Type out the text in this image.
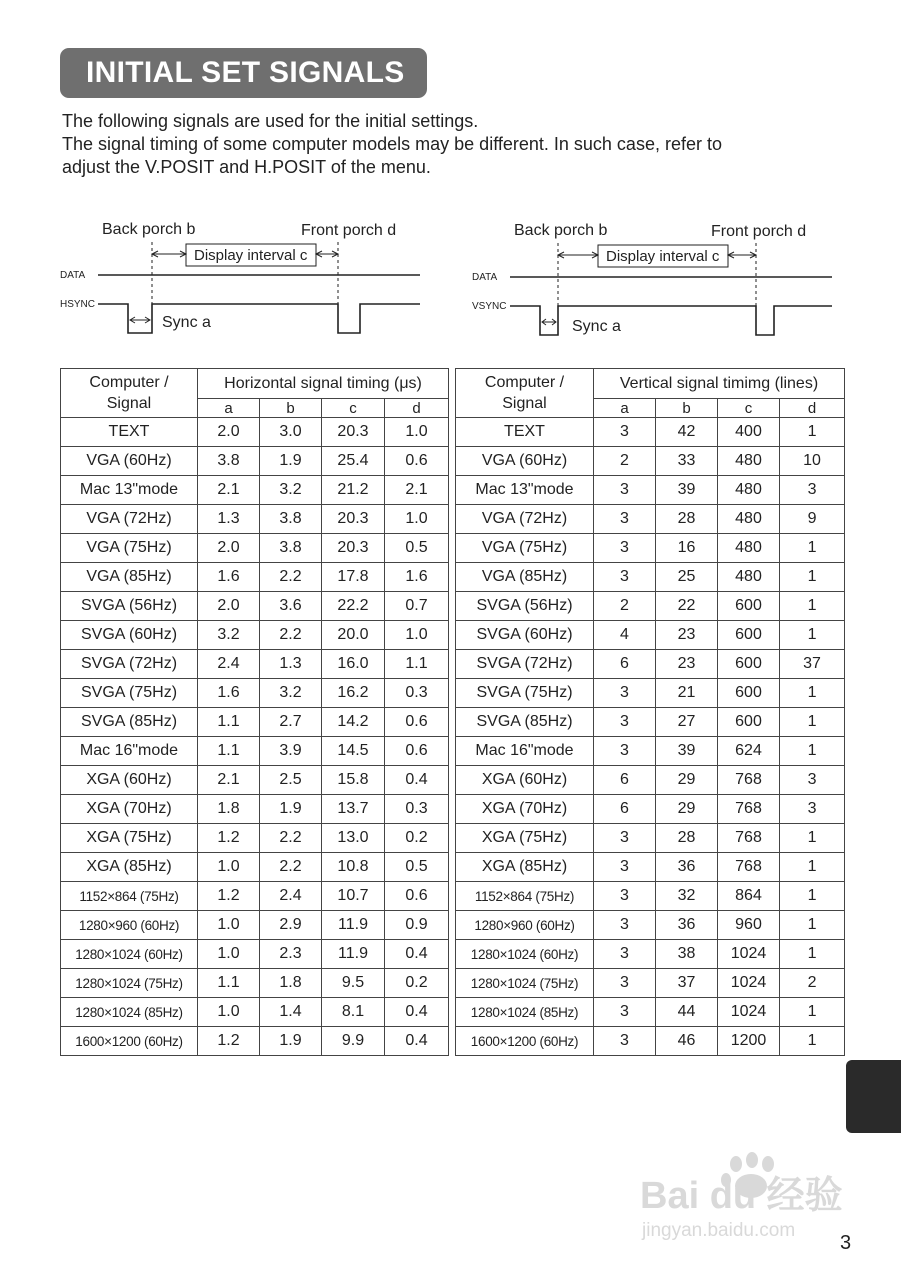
INITIAL SET SIGNALS

The following signals are used for the initial settings.

The signal timing of some computer models may be different. In such case, refer to

adjust the V.POSIT and H.POSIT of the menu.

Back porch b	Front porch d
Display interval c
DATA
HSYNC
Sync a
Back porch b	Front porch d
Display interval c
DATA
VSYNC
Sync a
Computer /
Signal	Horizontal signal timing (μs)			
	a	b	c	d
TEXT	2.0	3.0	20.3	1.0
VGA (60Hz)	3.8	1.9	25.4	0.6
Mac 13"mode	2.1	3.2	21.2	2.1
VGA (72Hz)	1.3	3.8	20.3	1.0
VGA (75Hz)	2.0	3.8	20.3	0.5
VGA (85Hz)	1.6	2.2	17.8	1.6
SVGA (56Hz)	2.0	3.6	22.2	0.7
SVGA (60Hz)	3.2	2.2	20.0	1.0
SVGA (72Hz)	2.4	1.3	16.0	1.1
SVGA (75Hz)	1.6	3.2	16.2	0.3
SVGA (85Hz)	1.1	2.7	14.2	0.6
Mac 16"mode	1.1	3.9	14.5	0.6
XGA (60Hz)	2.1	2.5	15.8	0.4
XGA (70Hz)	1.8	1.9	13.7	0.3
XGA (75Hz)	1.2	2.2	13.0	0.2
XGA (85Hz)	1.0	2.2	10.8	0.5
1152×864 (75Hz)	1.2	2.4	10.7	0.6
1280×960 (60Hz)	1.0	2.9	11.9	0.9
1280×1024 (60Hz)	1.0	2.3	11.9	0.4
1280×1024 (75Hz)	1.1	1.8	9.5	0.2
1280×1024 (85Hz)	1.0	1.4	8.1	0.4
1600×1200 (60Hz)	1.2	1.9	9.9	0.4
Computer /
Signal	Vertical signal timimg (lines)			
	a	b	c	d
TEXT	3	42	400	1
VGA (60Hz)	2	33	480	10
Mac 13"mode	3	39	480	3
VGA (72Hz)	3	28	480	9
VGA (75Hz)	3	16	480	1
VGA (85Hz)	3	25	480	1
SVGA (56Hz)	2	22	600	1
SVGA (60Hz)	4	23	600	1
SVGA (72Hz)	6	23	600	37
SVGA (75Hz)	3	21	600	1
SVGA (85Hz)	3	27	600	1
Mac 16"mode	3	39	624	1
XGA (60Hz)	6	29	768	3
XGA (70Hz)	6	29	768	3
XGA (75Hz)	3	28	768	1
XGA (85Hz)	3	36	768	1
1152×864 (75Hz)	3	32	864	1
1280×960 (60Hz)	3	36	960	1
1280×1024 (60Hz)	3	38	1024	1
1280×1024 (75Hz)	3	37	1024	2
1280×1024 (85Hz)	3	44	1024	1
1600×1200 (60Hz)	3	46	1200	1
Bai du 经验
jingyan.baidu.com
3
